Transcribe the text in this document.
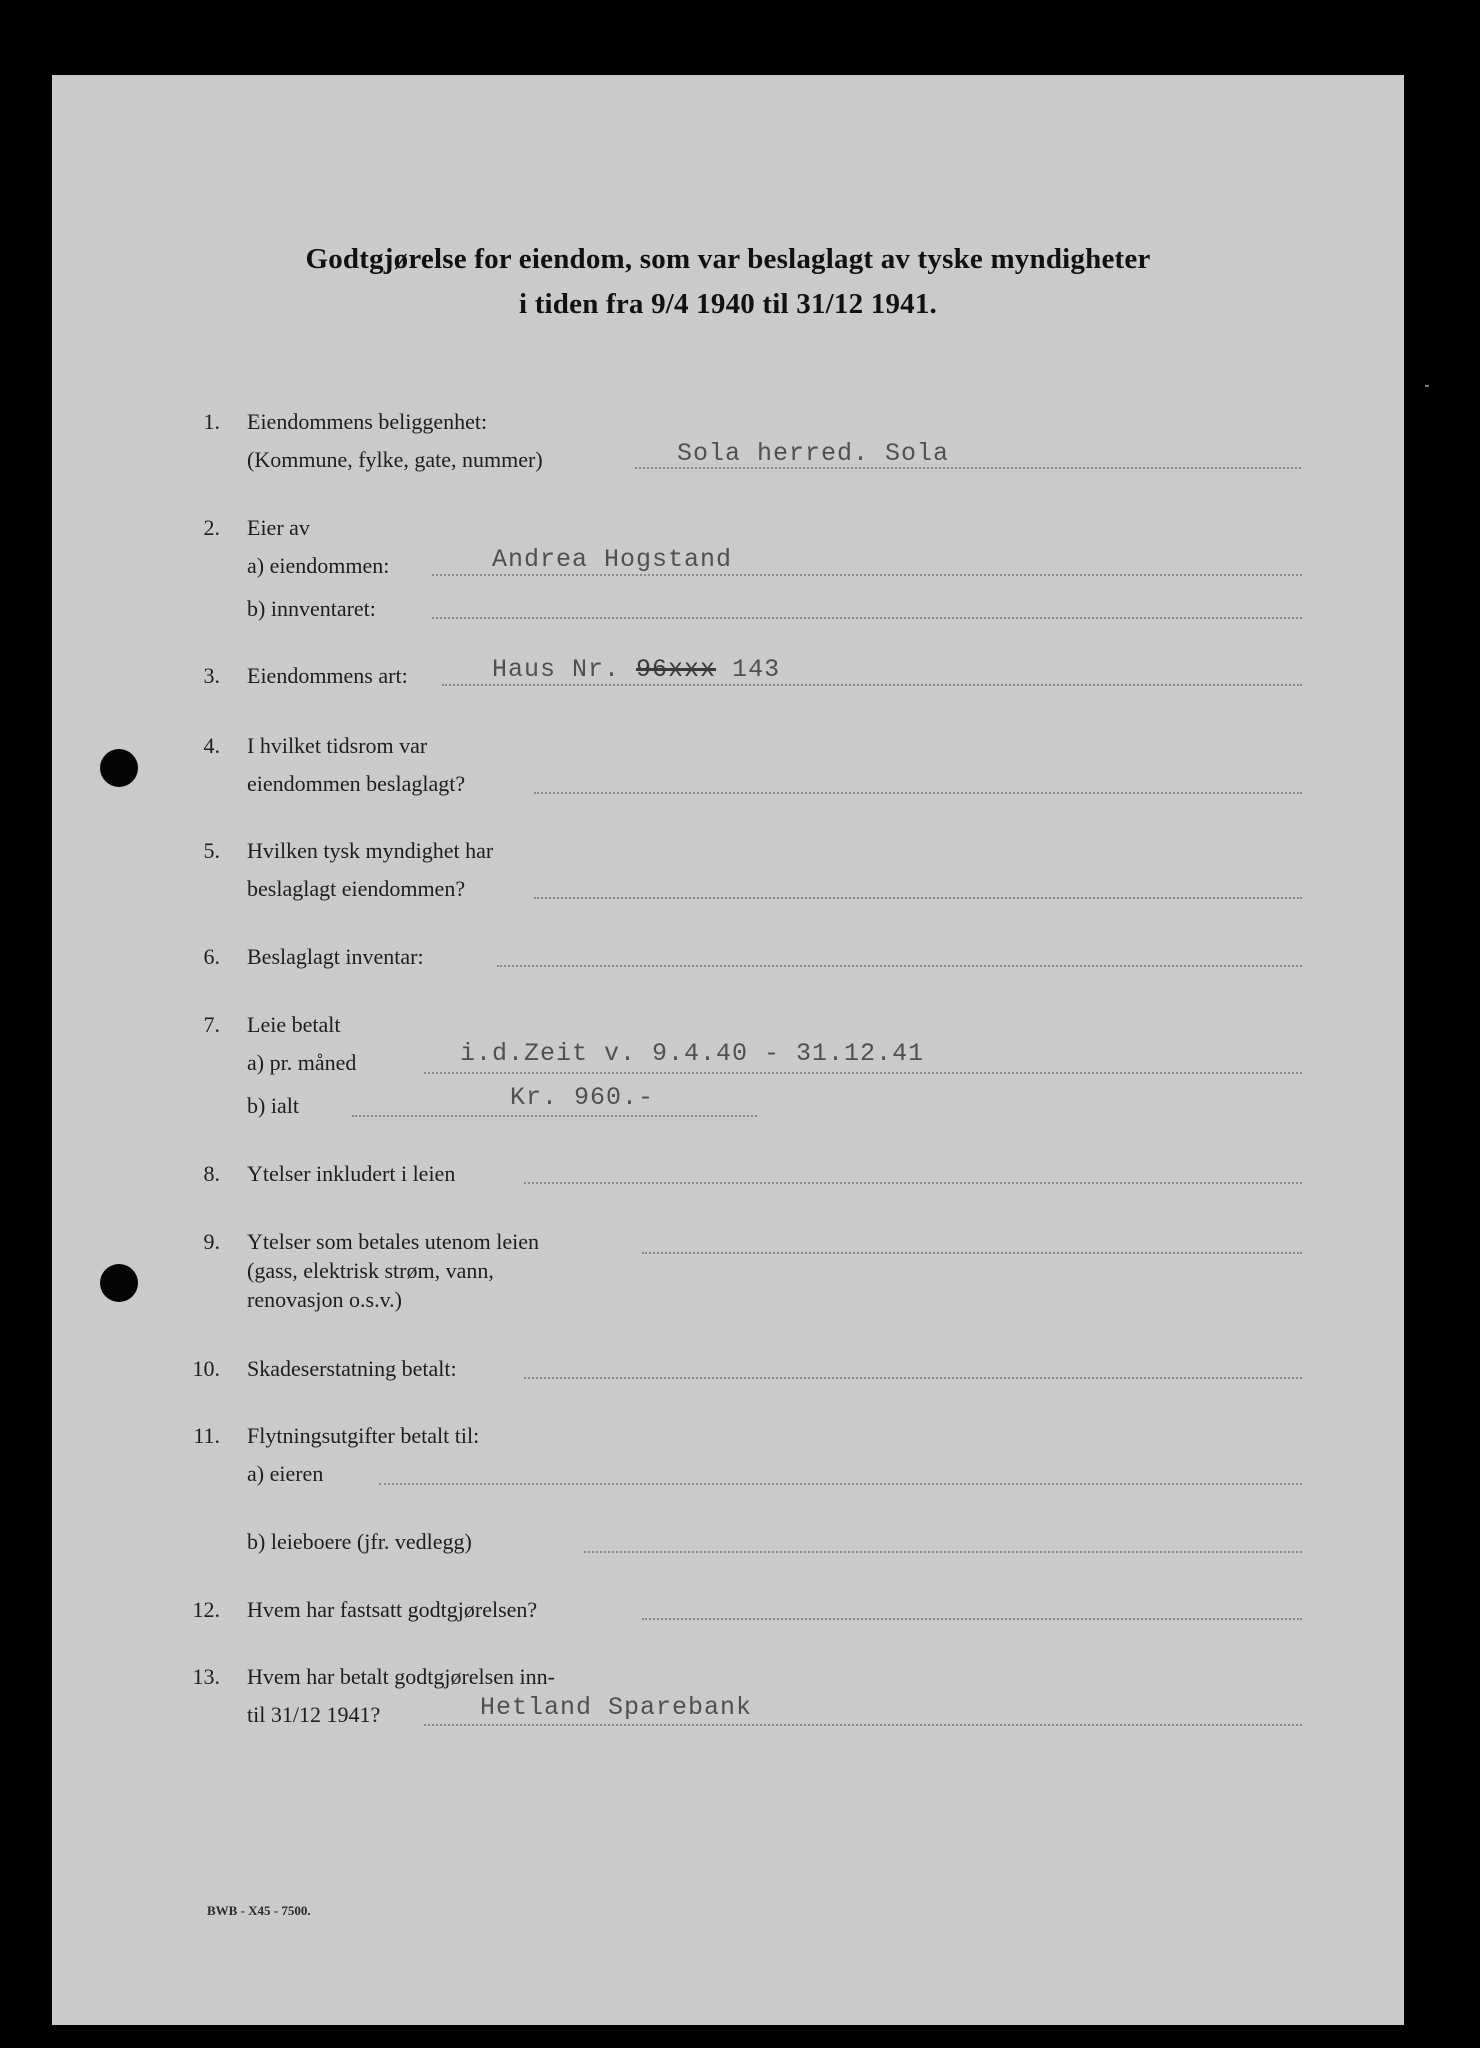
Godtgjørelse for eiendom, som var beslaglagt av tyske myndigheter
i tiden fra 9/4 1940 til 31/12 1941.
1. Eiendommens beliggenhet:
(Kommune, fylke, gate, nummer)	Sola herred. Sola
2. Eier av
a) eiendommen:	Andrea Hogstand
b) innventaret:
3. Eiendommens art:	Haus Nr. 96xxx 143
4. I hvilket tidsrom var
eiendommen beslaglagt?
5. Hvilken tysk myndighet har
beslaglagt eiendommen?
6. Beslaglagt inventar:
7. Leie betalt
a) pr. måned	i.d.Zeit v. 9.4.40 - 31.12.41
b) ialt	Kr. 960.-
8. Ytelser inkludert i leien
9. Ytelser som betales utenom leien
(gass, elektrisk strøm, vann,
renovasjon o.s.v.)
10. Skadeserstatning betalt:
11. Flytningsutgifter betalt til:
a) eieren
b) leieboere (jfr. vedlegg)
12. Hvem har fastsatt godtgjørelsen?
13. Hvem har betalt godtgjørelsen inn-
til 31/12 1941?	Hetland Sparebank
BWB - X45 - 7500.
